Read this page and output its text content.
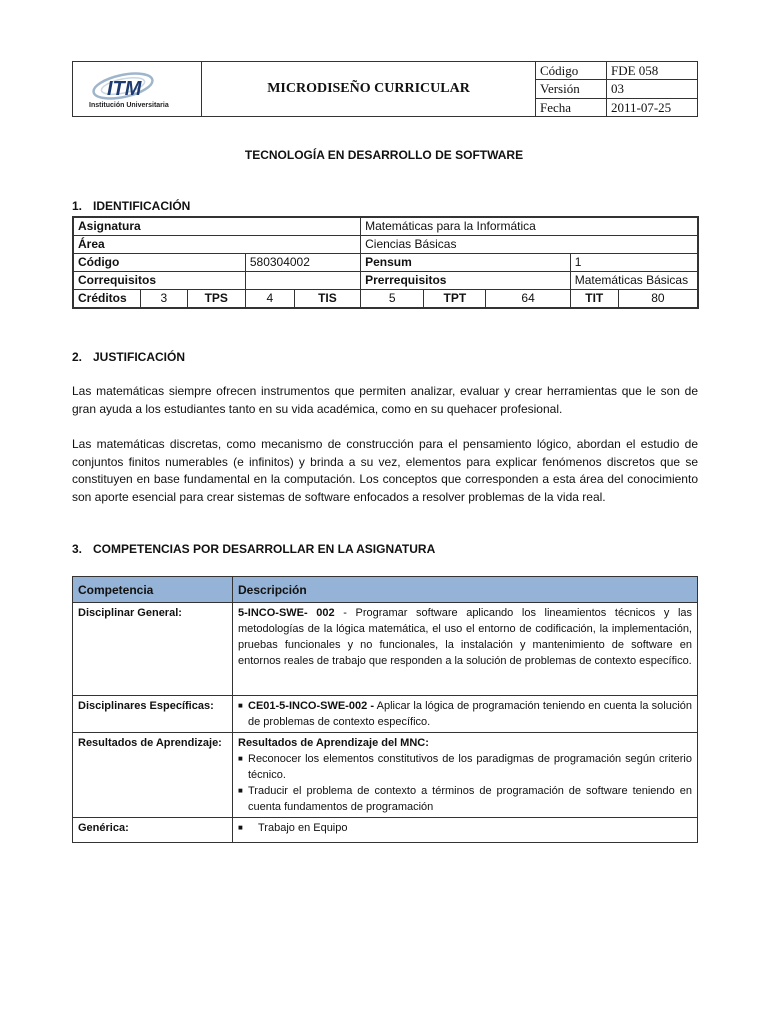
ITM
Institución Universitaria	MICRODISEÑO CURRICULAR	Código	FDE 058
		Versión	03
		Fecha	2011-07-25
TECNOLOGÍA EN DESARROLLO DE SOFTWARE
1. IDENTIFICACIÓN
Asignatura					Matemáticas para la Informática				
Área					Ciencias Básicas				
Código			580304002		Pensum			1	
Correquisitos					Prerrequisitos			Matemáticas Básicas	
Créditos	3	TPS	4	TIS	5	TPT	64	TIT	80
2. JUSTIFICACIÓN
Las matemáticas siempre ofrecen instrumentos que permiten analizar, evaluar y crear herramientas que le son de gran ayuda a los estudiantes tanto en su vida académica, como en su quehacer profesional.
Las matemáticas discretas, como mecanismo de construcción para el pensamiento lógico, abordan el estudio de conjuntos finitos numerables (e infinitos) y brinda a su vez, elementos para explicar fenómenos discretos que se constituyen en base fundamental en la computación. Los conceptos que corresponden a esta área del conocimiento son aporte esencial para crear sistemas de software enfocados a resolver problemas de la vida real.
3. COMPETENCIAS POR DESARROLLAR EN LA ASIGNATURA
Competencia	Descripción
Disciplinar General:	5-INCO-SWE- 002 - Programar software aplicando los lineamientos técnicos y las metodologías de la lógica matemática, el uso el entorno de codificación, la implementación, pruebas funcionales y no funcionales, la instalación y mantenimiento de software en entornos reales de trabajo que responden a la solución de problemas de contexto específico.
Disciplinares Específicas:	■ CE01-5-INCO-SWE-002 - Aplicar la lógica de programación teniendo en cuenta la solución de problemas de contexto específico.

Resultados de Aprendizaje:	Resultados de Aprendizaje del MNC:
■ Reconocer los elementos constitutivos de los paradigmas de programación según criterio técnico.
■ Traducir el problema de contexto a términos de programación de software teniendo en cuenta fundamentos de programación

Genérica:	■ Trabajo en Equipo
